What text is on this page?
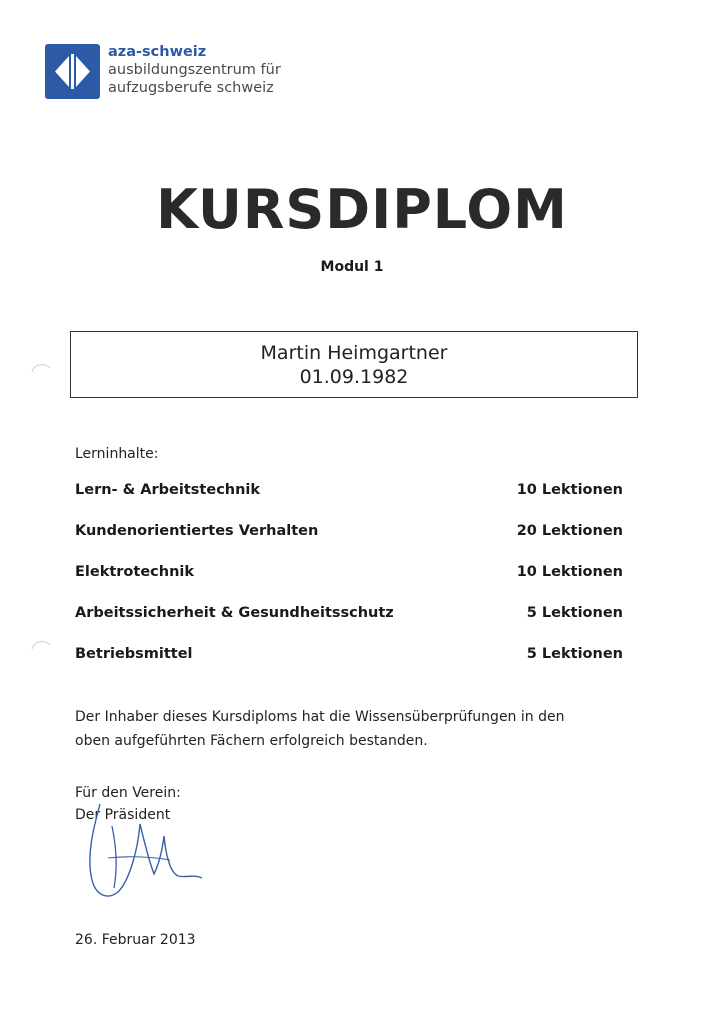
aza-schweiz
ausbildungszentrum für
aufzugsberufe schweiz
KURSDIPLOM
Modul 1
Martin Heimgartner
01.09.1982
Lerninhalte:
Lern- & Arbeitstechnik	10 Lektionen
Kundenorientiertes Verhalten	20 Lektionen
Elektrotechnik	10 Lektionen
Arbeitssicherheit & Gesundheitsschutz	5 Lektionen
Betriebsmittel	5 Lektionen
Der Inhaber dieses Kursdiploms hat die Wissensüberprüfungen in den
oben aufgeführten Fächern erfolgreich bestanden.
Für den Verein:
Der Präsident
26. Februar 2013
